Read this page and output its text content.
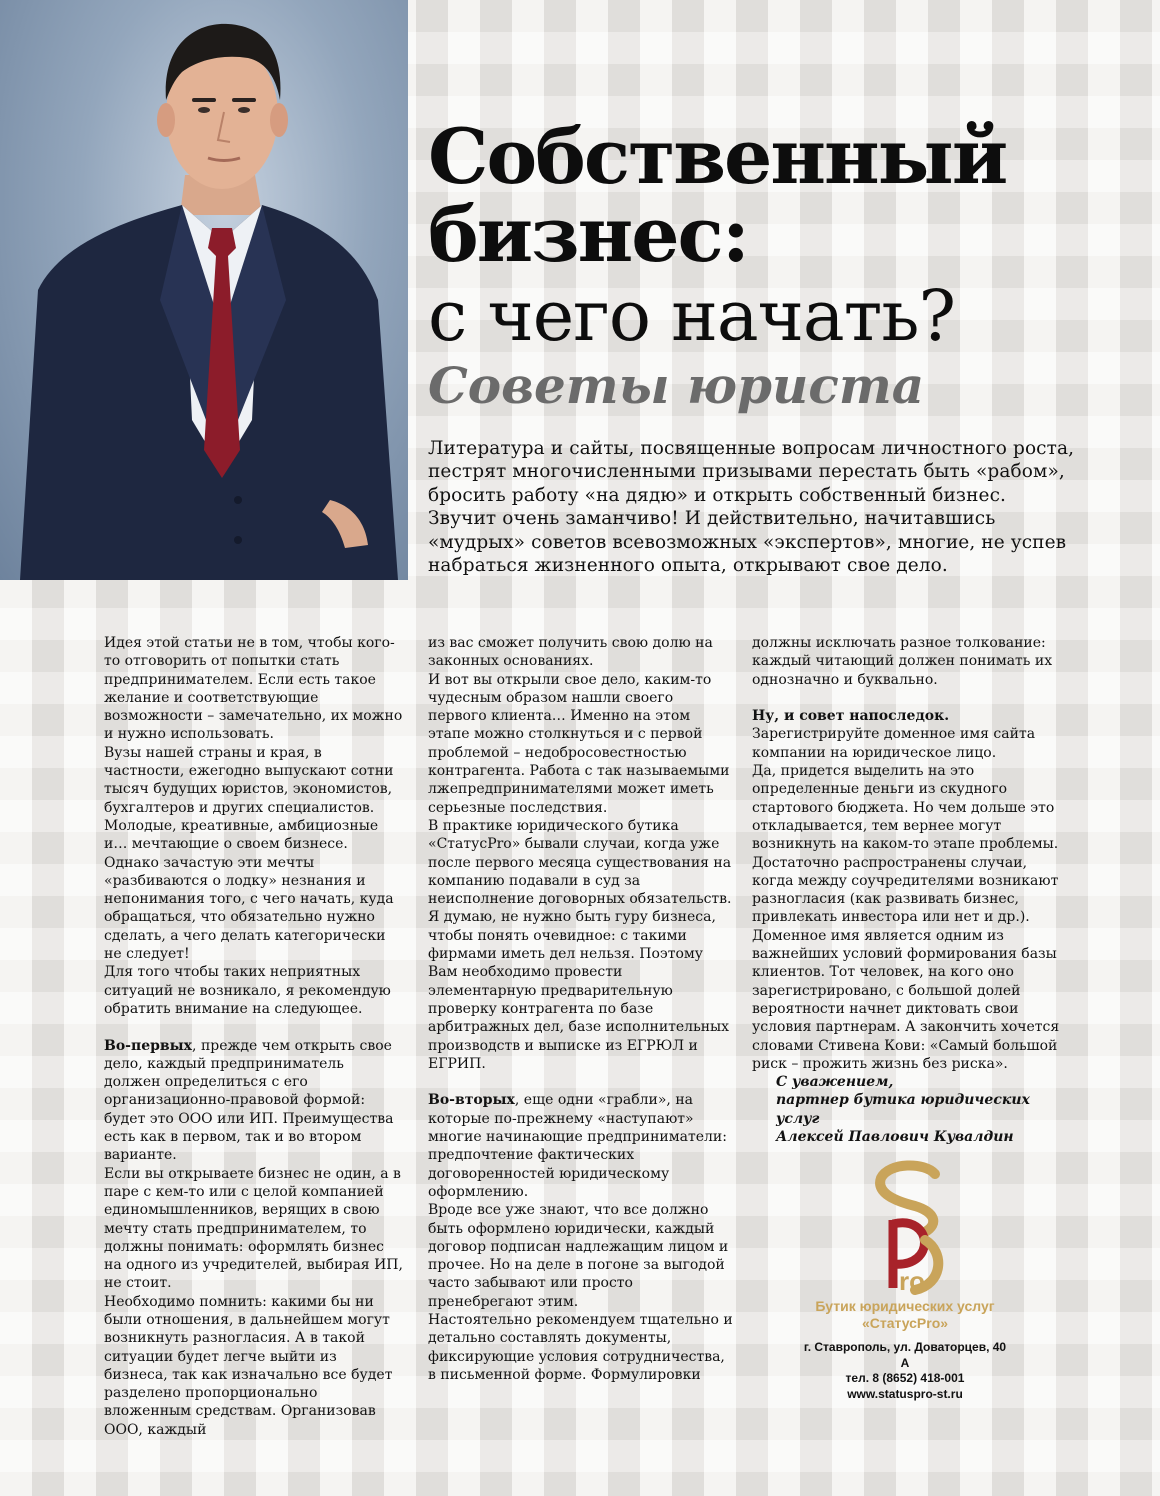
Собственный
бизнес:
с чего начать?
Советы юриста

Литература и сайты, посвященные вопросам личностного роста, пестрят многочисленными призывами перестать быть «рабом», бросить работу «на дядю» и открыть собственный бизнес. Звучит очень заманчиво! И действительно, начитавшись «мудрых» советов всевозможных «экспертов», многие, не успев набраться жизненного опыта, открывают свое дело.

Идея этой статьи не в том, чтобы кого-то отговорить от попытки стать предпринимателем. Если есть такое желание и соответствующие возможности – замечательно, их можно и нужно использовать.

Вузы нашей страны и края, в частности, ежегодно выпускают сотни тысяч будущих юристов, экономистов, бухгалтеров и других специалистов. Молодые, креативные, амбициозные и… мечтающие о своем бизнесе. Однако зачастую эти мечты «разбиваются о лодку» незнания и непонимания того, с чего начать, куда обращаться, что обязательно нужно сделать, а чего делать категорически не следует!

Для того чтобы таких неприятных ситуаций не возникало, я рекомендую обратить внимание на следующее.

Во-первых, прежде чем открыть свое дело, каждый предприниматель должен определиться с его организационно-правовой формой: будет это ООО или ИП. Преимущества есть как в первом, так и во втором варианте.

Если вы открываете бизнес не один, а в паре с кем-то или с целой компанией единомышленников, верящих в свою мечту стать предпринимателем, то должны понимать: оформлять бизнес на одного из учредителей, выбирая ИП, не стоит.

Необходимо помнить: какими бы ни были отношения, в дальнейшем могут возникнуть разногласия. А в такой ситуации будет легче выйти из бизнеса, так как изначально все будет разделено пропорционально вложенным средствам. Организовав ООО, каждый

из вас сможет получить свою долю на законных основаниях.

И вот вы открыли свое дело, каким-то чудесным образом нашли своего первого клиента… Именно на этом этапе можно столкнуться и с первой проблемой – недобросовестностью контрагента. Работа с так называемыми лжепредпринимателями может иметь серьезные последствия.

В практике юридического бутика «СтатусPro» бывали случаи, когда уже после первого месяца существования на компанию подавали в суд за неисполнение договорных обязательств. Я думаю, не нужно быть гуру бизнеса, чтобы понять очевидное: с такими фирмами иметь дел нельзя. Поэтому Вам необходимо провести элементарную предварительную проверку контрагента по базе арбитражных дел, базе исполнительных производств и выписке из ЕГРЮЛ и ЕГРИП.

Во-вторых, еще одни «грабли», на которые по-прежнему «наступают» многие начинающие предприниматели: предпочтение фактических договоренностей юридическому оформлению.

Вроде все уже знают, что все должно быть оформлено юридически, каждый договор подписан надлежащим лицом и прочее. Но на деле в погоне за выгодой часто забывают или просто пренебрегают этим.

Настоятельно рекомендуем тщательно и детально составлять документы, фиксирующие условия сотрудничества, в письменной форме. Формулировки

должны исключать разное толкование: каждый читающий должен понимать их однозначно и буквально.

Ну, и совет напоследок.

Зарегистрируйте доменное имя сайта компании на юридическое лицо.

Да, придется выделить на это определенные деньги из скудного стартового бюджета. Но чем дольше это откладывается, тем вернее могут возникнуть на каком-то этапе проблемы. Достаточно распространены случаи, когда между соучредителями возникают разногласия (как развивать бизнес, привлекать инвестора или нет и др.). Доменное имя является одним из важнейших условий формирования базы клиентов. Тот человек, на кого оно зарегистрировано, с большой долей вероятности начнет диктовать свои условия партнерам. А закончить хочется словами Стивена Кови: «Самый большой риск – прожить жизнь без риска».

С уважением,

партнер бутика юридических услуг

Алексей Павлович Кувалдин

ro
Бутик юридических услуг
«СтатусPro»
г. Ставрополь, ул. Доваторцев, 40 А
тел. 8 (8652) 418-001
www.statuspro-st.ru
